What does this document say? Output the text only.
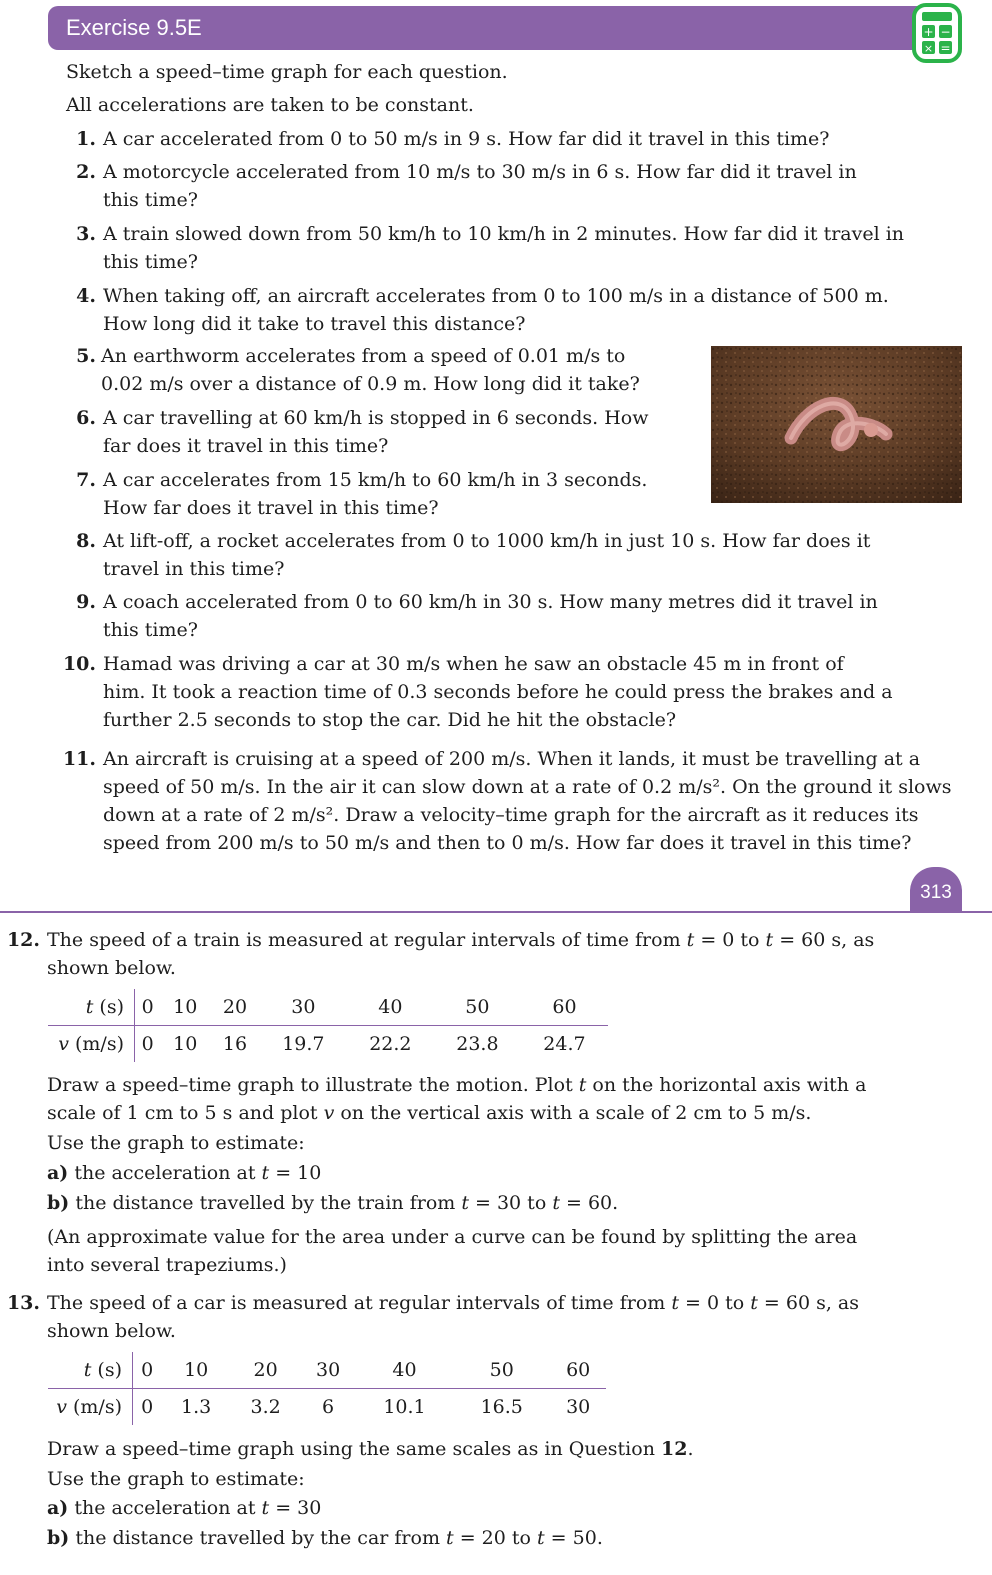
Exercise 9.5E	+ −
× =
Sketch a speed–time graph for each question.
All accelerations are taken to be constant.
1. A car accelerated from 0 to 50 m/s in 9 s. How far did it travel in this time?
2. A motorcycle accelerated from 10 m/s to 30 m/s in 6 s. How far did it travel in
this time?
3. A train slowed down from 50 km/h to 10 km/h in 2 minutes. How far did it travel in
this time?
4. When taking off, an aircraft accelerates from 0 to 100 m/s in a distance of 500 m.
How long did it take to travel this distance?
5. An earthworm accelerates from a speed of 0.01 m/s to
0.02 m/s over a distance of 0.9 m. How long did it take?
6. A car travelling at 60 km/h is stopped in 6 seconds. How
far does it travel in this time?
7. A car accelerates from 15 km/h to 60 km/h in 3 seconds.
How far does it travel in this time?
8. At lift-off, a rocket accelerates from 0 to 1000 km/h in just 10 s. How far does it
travel in this time?
9. A coach accelerated from 0 to 60 km/h in 30 s. How many metres did it travel in
this time?
10. Hamad was driving a car at 30 m/s when he saw an obstacle 45 m in front of
him. It took a reaction time of 0.3 seconds before he could press the brakes and a
further 2.5 seconds to stop the car. Did he hit the obstacle?
11. An aircraft is cruising at a speed of 200 m/s. When it lands, it must be travelling at a
speed of 50 m/s. In the air it can slow down at a rate of 0.2 m/s². On the ground it slows
down at a rate of 2 m/s². Draw a velocity–time graph for the aircraft as it reduces its
speed from 200 m/s to 50 m/s and then to 0 m/s. How far does it travel in this time?
313
12. The speed of a train is measured at regular intervals of time from t = 0 to t = 60 s, as
shown below.
t (s)	0	10	20	30	40	50	60
v (m/s)	0	10	16	19.7	22.2	23.8	24.7
Draw a speed–time graph to illustrate the motion. Plot t on the horizontal axis with a
scale of 1 cm to 5 s and plot v on the vertical axis with a scale of 2 cm to 5 m/s.
Use the graph to estimate:
a) the acceleration at t = 10
b) the distance travelled by the train from t = 30 to t = 60.
(An approximate value for the area under a curve can be found by splitting the area
into several trapeziums.)
13. The speed of a car is measured at regular intervals of time from t = 0 to t = 60 s, as
shown below.
t (s)	0	10	20	30	40	50	60
v (m/s)	0	1.3	3.2	6	10.1	16.5	30
Draw a speed–time graph using the same scales as in Question 12.
Use the graph to estimate:
a) the acceleration at t = 30
b) the distance travelled by the car from t = 20 to t = 50.
